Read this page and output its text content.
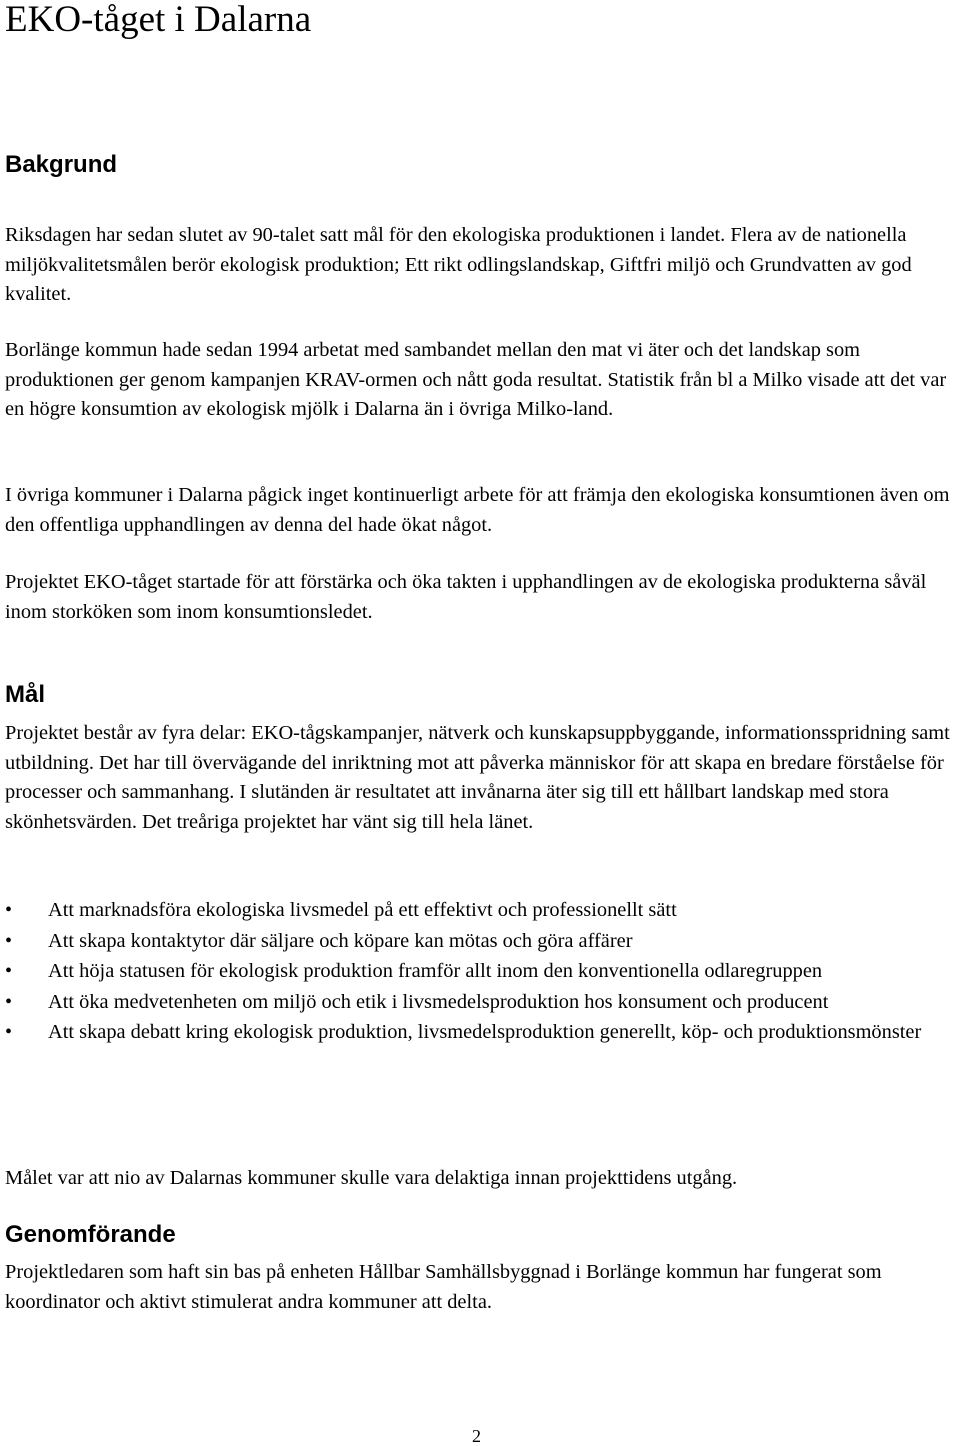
EKO-tåget i Dalarna
Bakgrund

Riksdagen har sedan slutet av 90-talet satt mål för den ekologiska produktionen i landet. Flera av de nationella miljökvalitetsmålen berör ekologisk produktion; Ett rikt odlingslandskap, Giftfri miljö och Grundvatten av god kvalitet.

Borlänge kommun hade sedan 1994 arbetat med sambandet mellan den mat vi äter och det landskap som produktionen ger genom kampanjen KRAV-ormen och nått goda resultat. Statistik från bl a Milko visade att det var en högre konsumtion av ekologisk mjölk i Dalarna än i övriga Milko-land.

I övriga kommuner i Dalarna pågick inget kontinuerligt arbete för att främja den ekologiska konsumtionen även om den offentliga upphandlingen av denna del hade ökat något.

Projektet EKO-tåget startade för att förstärka och öka takten i upphandlingen av de ekologiska produkterna såväl inom storköken som inom konsumtionsledet.

Mål

Projektet består av fyra delar: EKO-tågskampanjer, nätverk och kunskapsuppbyggande, informationsspridning samt utbildning. Det har till övervägande del inriktning mot att påverka människor för att skapa en bredare förståelse för processer och sammanhang. I slutänden är resultatet att invånarna äter sig till ett hållbart landskap med stora skönhetsvärden. Det treåriga projektet har vänt sig till hela länet.

• Att marknadsföra ekologiska livsmedel på ett effektivt och professionellt sätt
• Att skapa kontaktytor där säljare och köpare kan mötas och göra affärer
• Att höja statusen för ekologisk produktion framför allt inom den konventionella odlaregruppen
• Att öka medvetenheten om miljö och etik i livsmedelsproduktion hos konsument och producent
• Att skapa debatt kring ekologisk produktion, livsmedelsproduktion generellt, köp- och produktionsmönster

Målet var att nio av Dalarnas kommuner skulle vara delaktiga innan projekttidens utgång.

Genomförande

Projektledaren som haft sin bas på enheten Hållbar Samhällsbyggnad i Borlänge kommun har fungerat som koordinator och aktivt stimulerat andra kommuner att delta.

2
